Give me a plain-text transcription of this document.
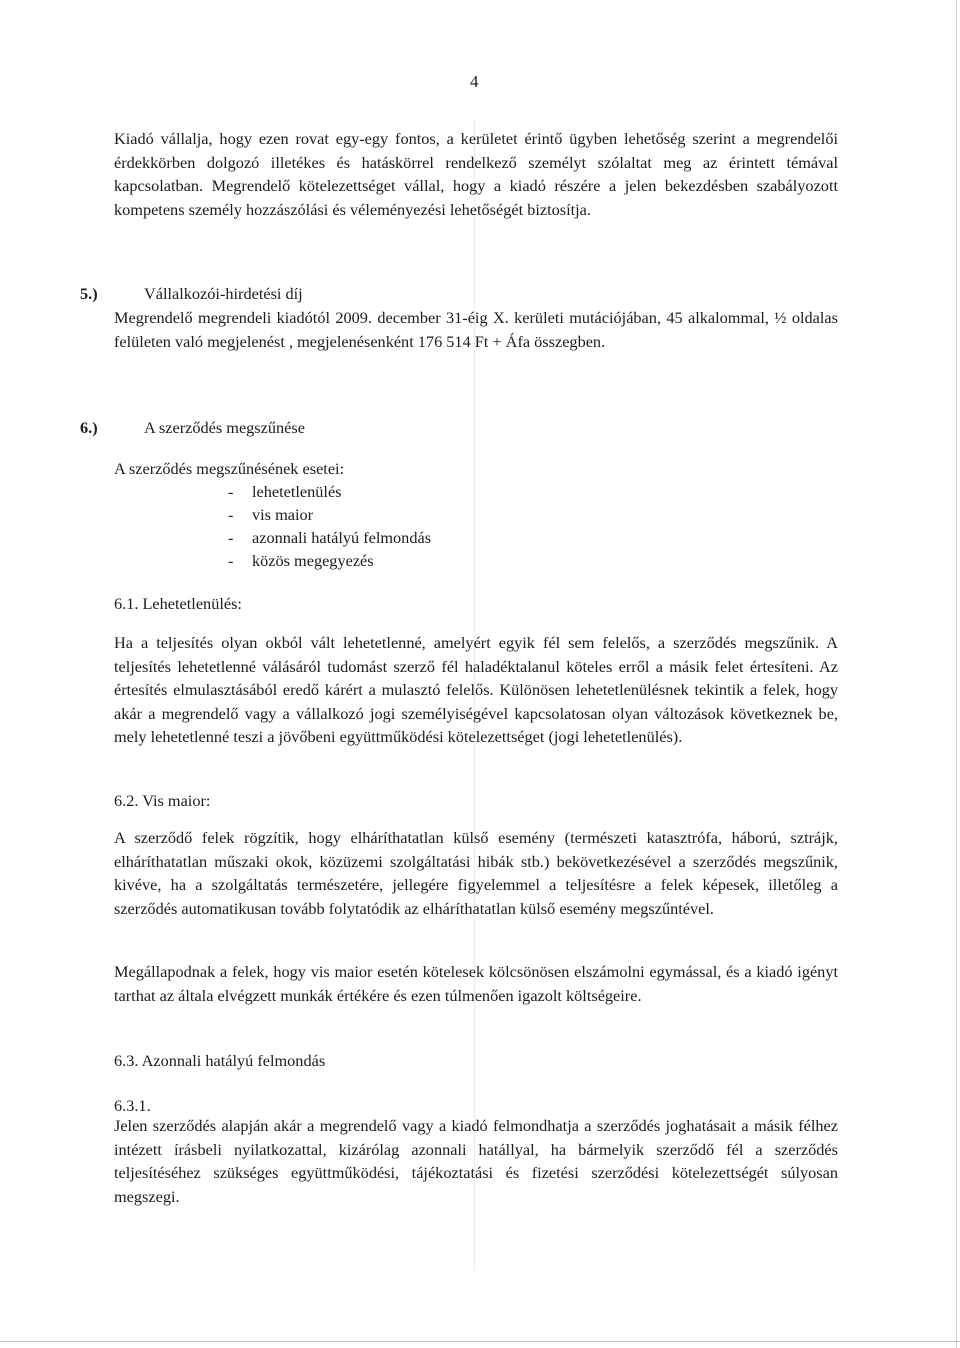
4
Kiadó vállalja, hogy ezen rovat egy-egy fontos, a kerületet érintő ügyben lehetőség szerint a megrendelői érdekkörben dolgozó illetékes és hatáskörrel rendelkező személyt szólaltat meg az érintett témával kapcsolatban. Megrendelő kötelezettséget vállal, hogy a kiadó részére a jelen bekezdésben szabályozott kompetens személy hozzászólási és véleményezési lehetőségét biztosítja.
5.)	Vállalkozói-hirdetési díj
Megrendelő megrendeli kiadótól 2009. december 31-éig X. kerületi mutációjában, 45 alkalommal, ½ oldalas felületen való megjelenést , megjelenésenként 176 514 Ft + Áfa összegben.
6.)	A szerződés megszűnése
A szerződés megszűnésének esetei:
- lehetetlenülés
- vis maior
- azonnali hatályú felmondás
- közös megegyezés
6.1. Lehetetlenülés:
Ha a teljesítés olyan okból vált lehetetlenné, amelyért egyik fél sem felelős, a szerződés megszűnik. A teljesítés lehetetlenné válásáról tudomást szerző fél haladéktalanul köteles erről a másik felet értesíteni. Az értesítés elmulasztásából eredő kárért a mulasztó felelős. Különösen lehetetlenülésnek tekintik a felek, hogy akár a megrendelő vagy a vállalkozó jogi személyiségével kapcsolatosan olyan változások következnek be, mely lehetetlenné teszi a jövőbeni együttműködési kötelezettséget (jogi lehetetlenülés).
6.2. Vis maior:
A szerződő felek rögzítik, hogy elháríthatatlan külső esemény (természeti katasztrófa, háború, sztrájk, elháríthatatlan műszaki okok, közüzemi szolgáltatási hibák stb.) bekövetkezésével a szerződés megszűnik, kivéve, ha a szolgáltatás természetére, jellegére figyelemmel a teljesítésre a felek képesek, illetőleg a szerződés automatikusan tovább folytatódik az elháríthatatlan külső esemény megszűntével.
Megállapodnak a felek, hogy vis maior esetén kötelesek kölcsönösen elszámolni egymással, és a kiadó igényt tarthat az általa elvégzett munkák értékére és ezen túlmenően igazolt költségeire.
6.3. Azonnali hatályú felmondás
6.3.1.
Jelen szerződés alapján akár a megrendelő vagy a kiadó felmondhatja a szerződés joghatásait a másik félhez intézett írásbeli nyilatkozattal, kizárólag azonnali hatállyal, ha bármelyik szerződő fél a szerződés teljesítéséhez szükséges együttműködési, tájékoztatási és fizetési szerződési kötelezettségét súlyosan megszegi.
